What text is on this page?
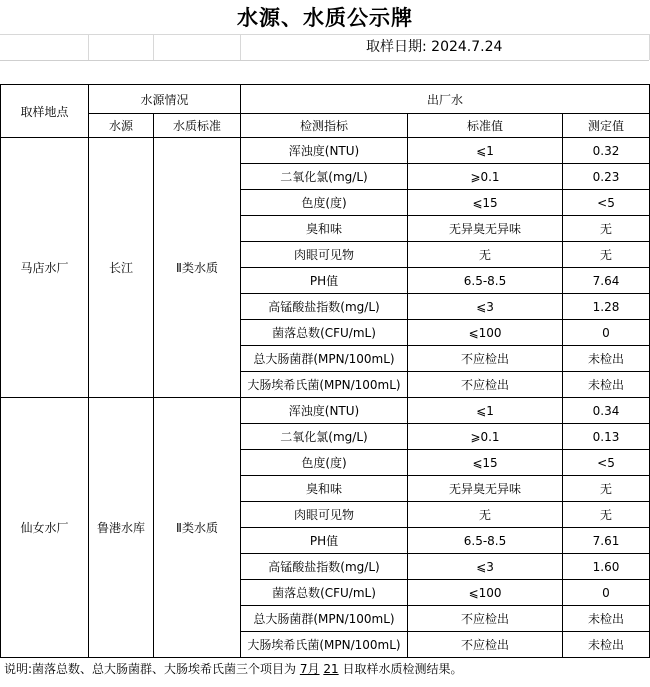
水源、水质公示牌
取样日期: 2024.7.24
取样地点	水源情况		出厂水		
	水源	水质标准	检测指标	标准值	测定值
马店水厂	长江	Ⅱ类水质	浑浊度(NTU)	⩽1	0.32
			二氧化氯(mg/L)	⩾0.1	0.23
			色度(度)	⩽15	<5
			臭和味	无异臭无异味	无
			肉眼可见物	无	无
			PH值	6.5-8.5	7.64
			高锰酸盐指数(mg/L)	⩽3	1.28
			菌落总数(CFU/mL)	⩽100	0
			总大肠菌群(MPN/100mL)	不应检出	未检出
			大肠埃希氏菌(MPN/100mL)	不应检出	未检出
仙女水厂	鲁港水库	Ⅱ类水质	浑浊度(NTU)	⩽1	0.34
			二氧化氯(mg/L)	⩾0.1	0.13
			色度(度)	⩽15	<5
			臭和味	无异臭无异味	无
			肉眼可见物	无	无
			PH值	6.5-8.5	7.61
			高锰酸盐指数(mg/L)	⩽3	1.60
			菌落总数(CFU/mL)	⩽100	0
			总大肠菌群(MPN/100mL)	不应检出	未检出
			大肠埃希氏菌(MPN/100mL)	不应检出	未检出
说明:菌落总数、总大肠菌群、大肠埃希氏菌三个项目为 7月 21 日取样水质检测结果。
